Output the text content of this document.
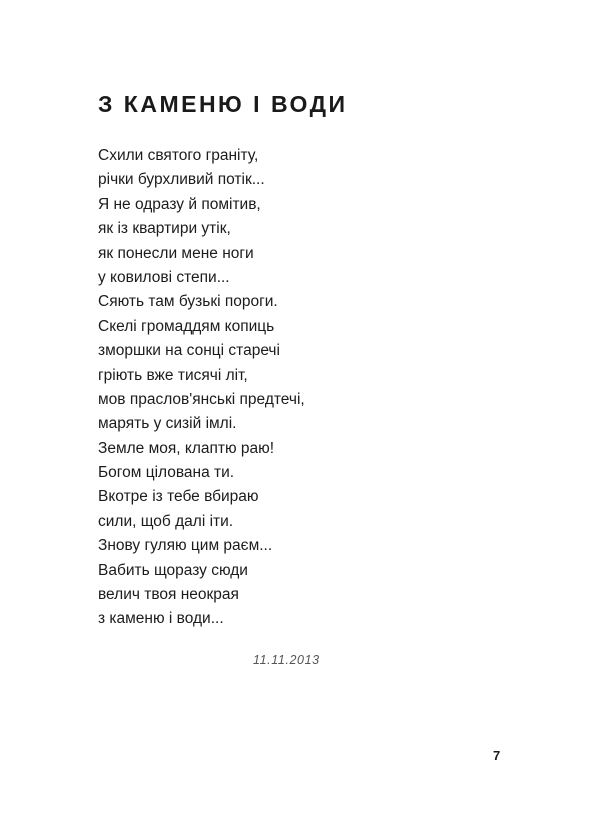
З КАМЕНЮ І ВОДИ
Схили святого граніту,
річки бурхливий потік...
Я не одразу й помітив,
як із квартири утік,
як понесли мене ноги
у ковилові степи...
Сяють там бузькі пороги.
Скелі громаддям копиць
зморшки на сонці старечі
гріють вже тисячі літ,
мов праслов'янські предтечі,
марять у сизій імлі.
Земле моя, клаптю раю!
Богом цілована ти.
Вкотре із тебе вбираю
сили, щоб далі іти.
Знову гуляю цим раєм...
Вабить щоразу сюди
велич твоя неокрая
з каменю і води...

11.11.2013

7
